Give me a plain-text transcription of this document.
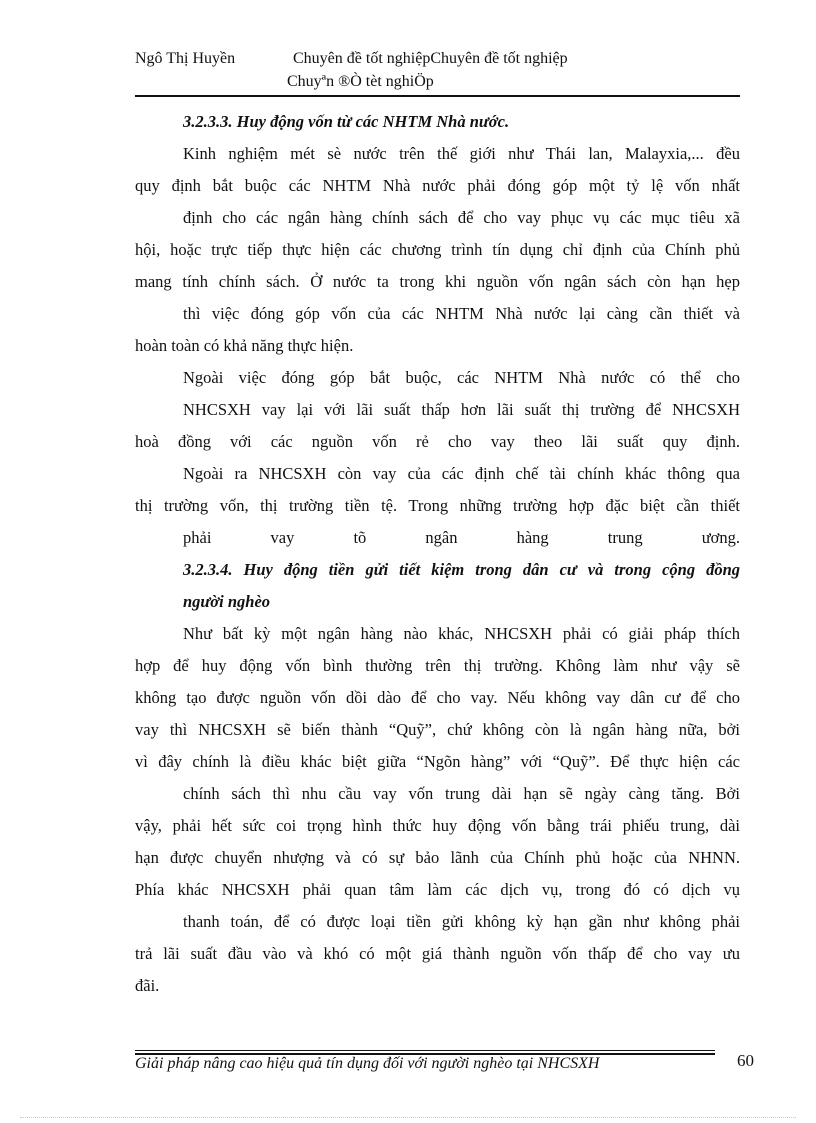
Ngô Thị Huyền	Chuyên đề tốt nghiệpChuyên đề tốt nghiệp
Chuyªn ®Ò tèt nghiÖp
3.2.3.3. Huy động vốn từ các NHTM Nhà nước.
Kinh nghiệm mét sè nước trên thế giới như Thái lan, Malayxia,... đều
quy định bắt buộc các NHTM Nhà nước phải đóng góp một tỷ lệ vốn nhất
định cho các ngân hàng chính sách để cho vay phục vụ các mục tiêu xã
hội, hoặc trực tiếp thực hiện các chương trình tín dụng chỉ định của Chính phủ
mang tính chính sách. Ở nước ta trong khi nguồn vốn ngân sách còn hạn hẹp
thì việc đóng góp vốn của các NHTM Nhà nước lại càng cần thiết và
hoàn toàn có khả năng thực hiện.
Ngoài việc đóng góp bắt buộc, các NHTM Nhà nước có thể cho
NHCSXH vay lại với lãi suất thấp hơn lãi suất thị trường để NHCSXH
hoà đồng với các nguồn vốn rẻ cho vay theo lãi suất quy định.
Ngoài ra NHCSXH còn vay của các định chế tài chính khác thông qua
thị trường vốn, thị trường tiền tệ. Trong những trường hợp đặc biệt cần thiết
phải vay tõ ngân hàng trung ương.
3.2.3.4. Huy động tiền gửi tiết kiệm trong dân cư và trong cộng đồng
người nghèo
Như bất kỳ một ngân hàng nào khác, NHCSXH phải có giải pháp thích
hợp để huy động vốn bình thường trên thị trường. Không làm như vậy sẽ
không tạo được nguồn vốn dồi dào để cho vay. Nếu không vay dân cư để cho
vay thì NHCSXH sẽ biến thành “Quỹ”, chứ không còn là ngân hàng nữa, bởi
vì đây chính là điều khác biệt giữa “Ngõn hàng” với “Quỹ”. Để thực hiện các
chính sách thì nhu cầu vay vốn trung dài hạn sẽ ngày càng tăng. Bởi
vậy, phải hết sức coi trọng hình thức huy động vốn bằng trái phiếu trung, dài
hạn được chuyển nhượng và có sự bảo lãnh của Chính phủ hoặc của NHNN.
Phía khác NHCSXH phải quan tâm làm các dịch vụ, trong đó có dịch vụ
thanh toán, để có được loại tiền gửi không kỳ hạn gần như không phải
trả lãi suất đầu vào và khó có một giá thành nguồn vốn thấp để cho vay ưu
đãi.
Giải pháp nâng cao hiệu quả tín dụng đối với người nghèo tại NHCSXH	60
